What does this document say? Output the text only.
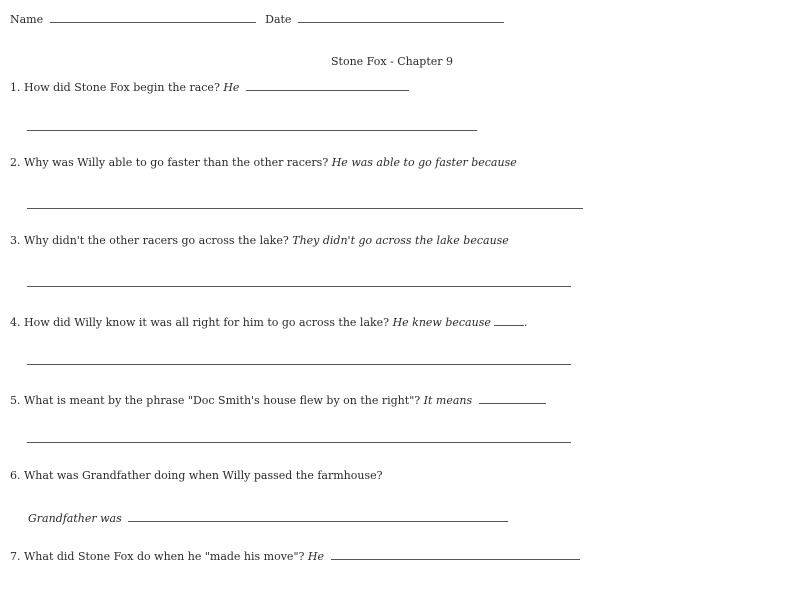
Name	Date
Stone Fox - Chapter 9
1. How did Stone Fox begin the race? He
2. Why was Willy able to go faster than the other racers? He was able to go faster because
3. Why didn't the other racers go across the lake? They didn't go across the lake because
4. How did Willy know it was all right for him to go across the lake? He knew because	.
5. What is meant by the phrase "Doc Smith's house flew by on the right"? It means
6. What was Grandfather doing when Willy passed the farmhouse?
Grandfather was
7. What did Stone Fox do when he "made his move"? He
